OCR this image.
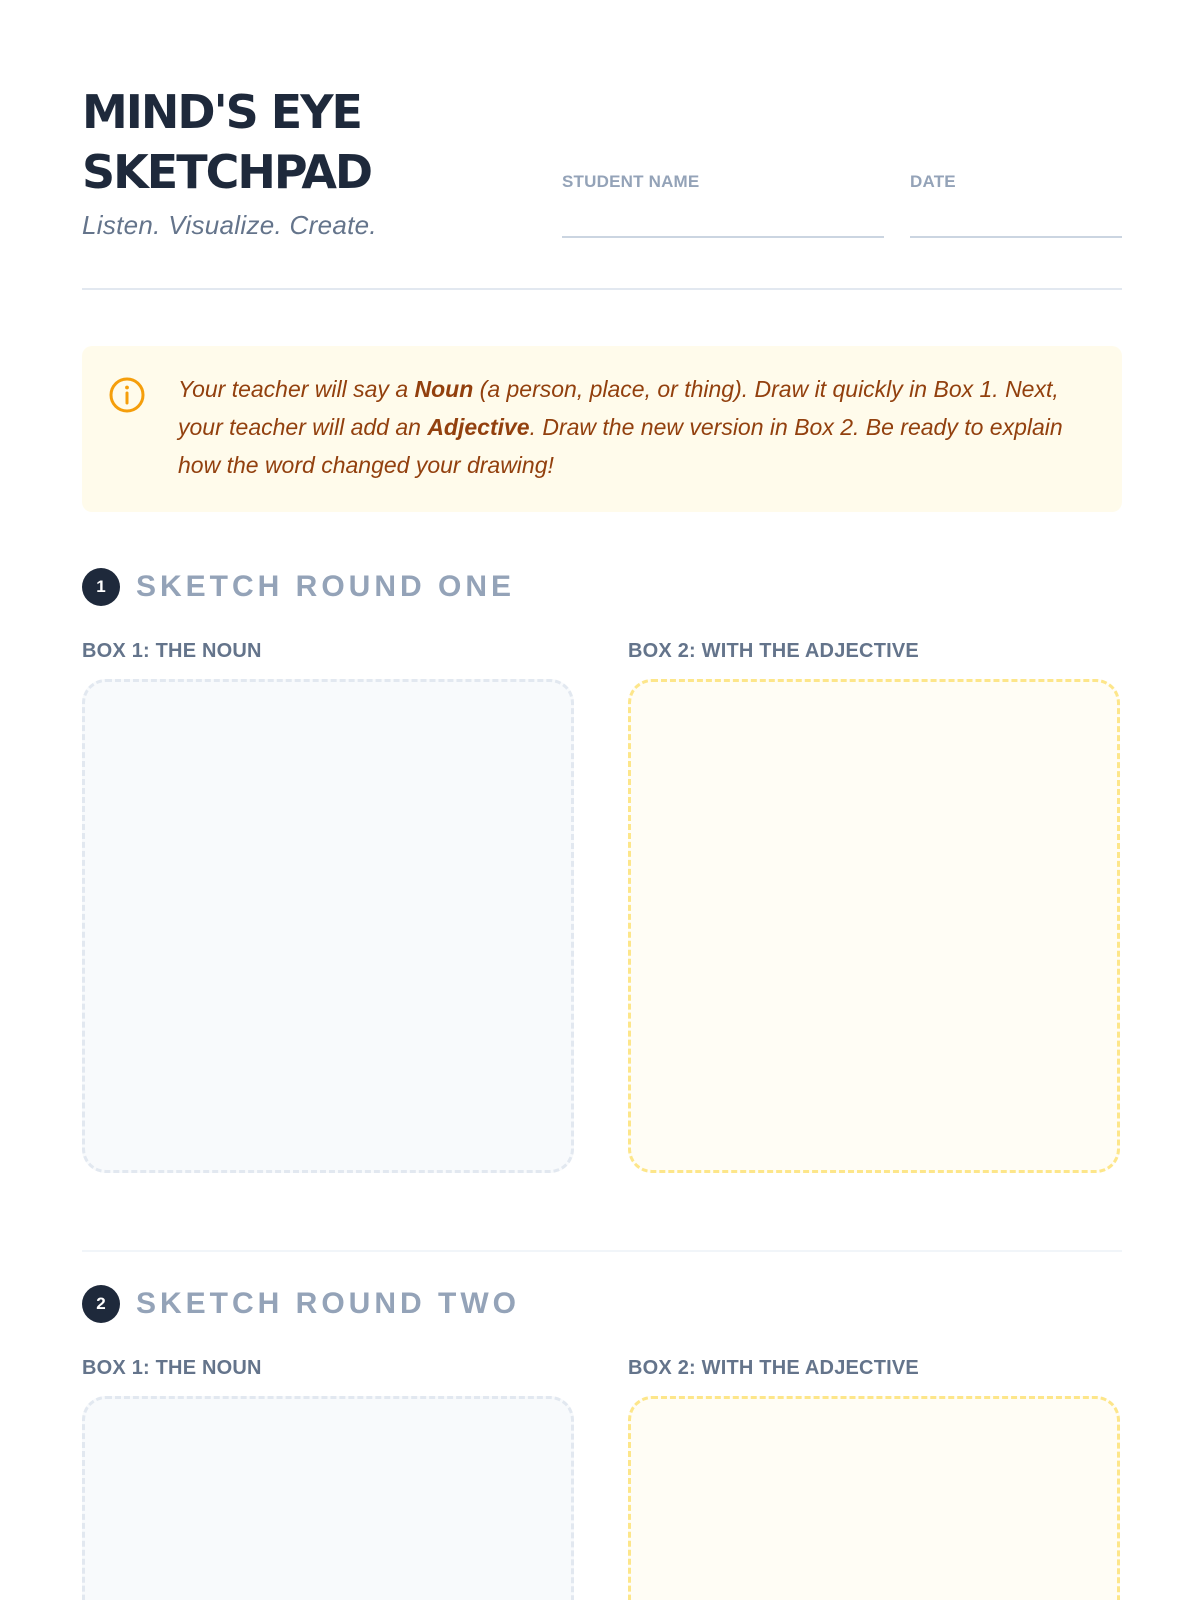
MIND'S EYE
SKETCHPAD
Listen. Visualize. Create.
STUDENT NAME	DATE

Your teacher will say a Noun (a person, place, or thing). Draw it quickly in Box 1. Next, your teacher will add an Adjective. Draw the new version in Box 2. Be ready to explain how the word changed your drawing!

1	SKETCH ROUND ONE
BOX 1: THE NOUN	BOX 2: WITH THE ADJECTIVE
2	SKETCH ROUND TWO
BOX 1: THE NOUN	BOX 2: WITH THE ADJECTIVE
